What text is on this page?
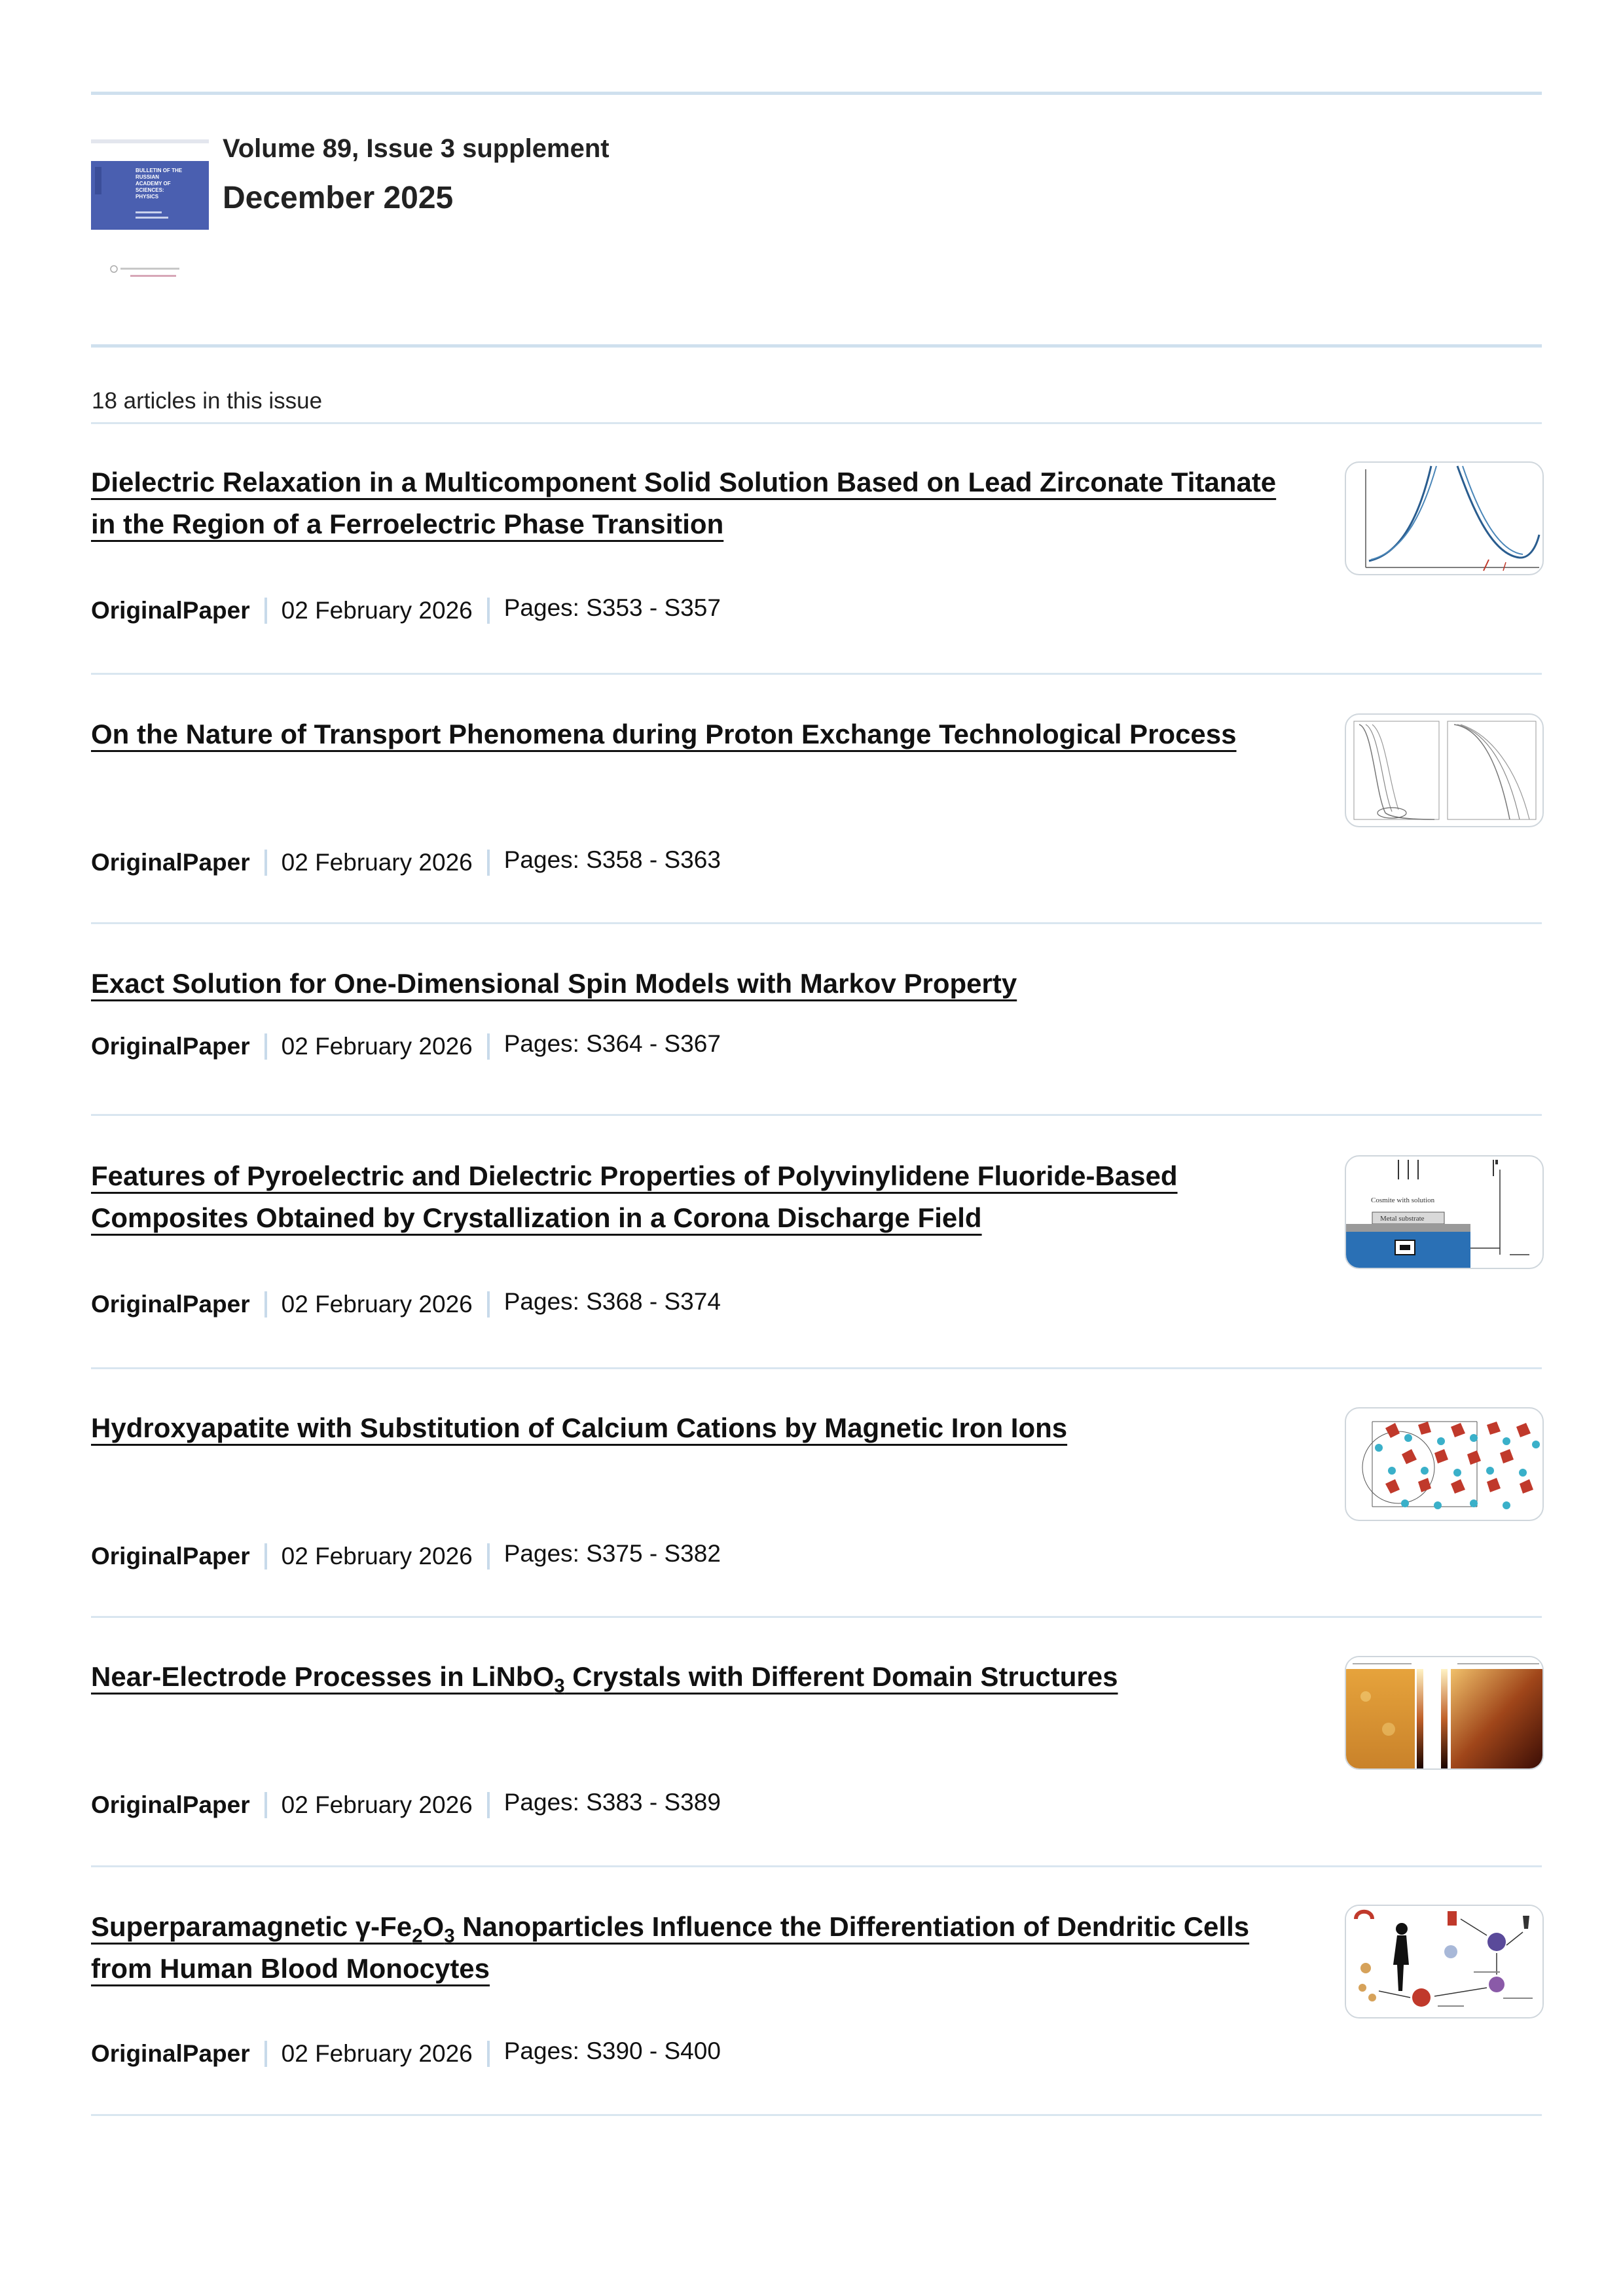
BULLETIN OF THE
RUSSIAN
ACADEMY OF
SCIENCES:
PHYSICS
Volume 89, Issue 3 supplement
December 2025
18 articles in this issue
Dielectric Relaxation in a Multicomponent Solid Solution Based on Lead Zirconate Titanate in the Region of a Ferroelectric Phase Transition
OriginalPaper 02 February 2026 Pages: S353 - S357
On the Nature of Transport Phenomena during Proton Exchange Technological Process
OriginalPaper 02 February 2026 Pages: S358 - S363
Exact Solution for One-Dimensional Spin Models with Markov Property
OriginalPaper 02 February 2026 Pages: S364 - S367
Features of Pyroelectric and Dielectric Properties of Polyvinylidene Fluoride-Based Composites Obtained by Crystallization in a Corona Discharge Field
OriginalPaper 02 February 2026 Pages: S368 - S374
Cosmite with solution
Metal substrate
Hydroxyapatite with Substitution of Calcium Cations by Magnetic Iron Ions
OriginalPaper 02 February 2026 Pages: S375 - S382
Near-Electrode Processes in LiNbO$_3$ Crystals with Different Domain Structures
OriginalPaper 02 February 2026 Pages: S383 - S389
Superparamagnetic $\gamma-Fe_2O_3$ Nanoparticles Influence the Differentiation of Dendritic Cells from Human Blood Monocytes
OriginalPaper 02 February 2026 Pages: S390 - S400
